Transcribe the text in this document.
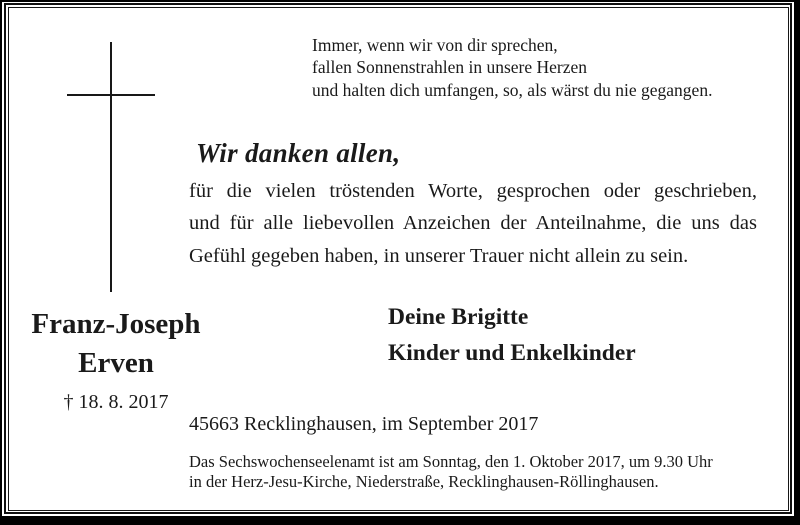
Immer, wenn wir von dir sprechen,
fallen Sonnenstrahlen in unsere Herzen
und halten dich umfangen, so, als wärst du nie gegangen.
Wir danken allen,
für die vielen tröstenden Worte, gesprochen oder geschrieben,
und für alle liebevollen Anzeichen der Anteilnahme, die uns das
Gefühl gegeben haben, in unserer Trauer nicht allein zu sein.
Franz-Joseph
Erven
† 18. 8. 2017
Deine Brigitte
Kinder und Enkelkinder
45663 Recklinghausen, im September 2017
Das Sechswochenseelenamt ist am Sonntag, den 1. Oktober 2017, um 9.30 Uhr
in der Herz-Jesu-Kirche, Niederstraße, Recklinghausen-Röllinghausen.
